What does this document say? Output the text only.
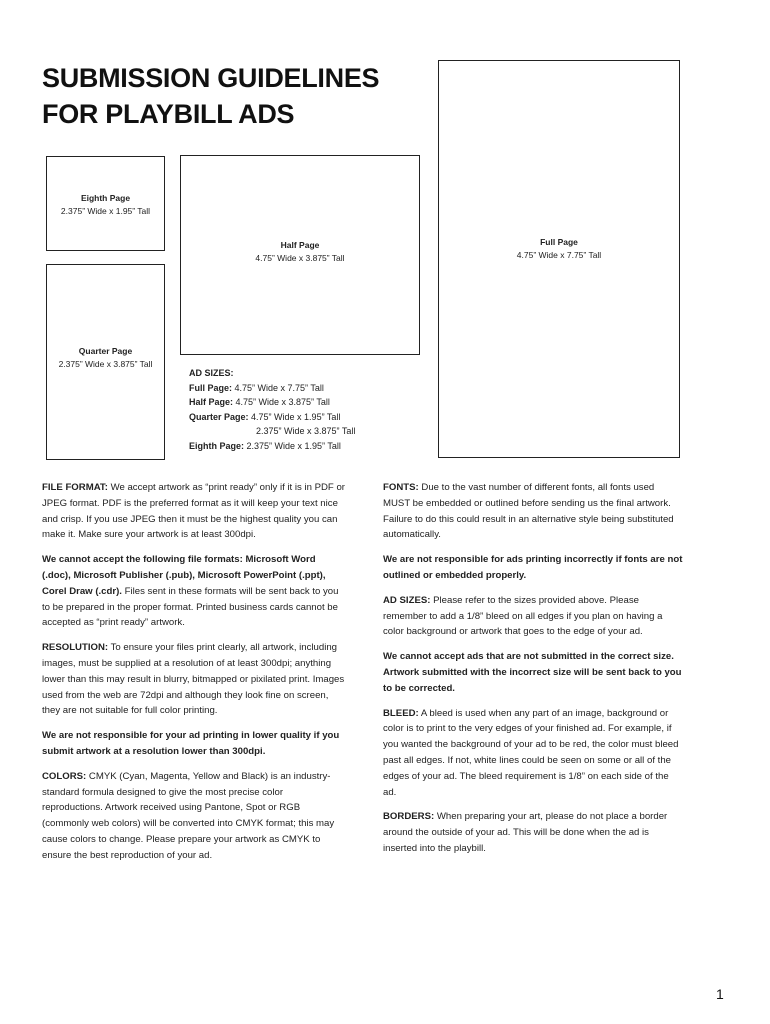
SUBMISSION GUIDELINES
FOR PLAYBILL ADS
Eighth Page
2.375” Wide x 1.95” Tall
Half Page
4.75” Wide x 3.875” Tall
Full Page
4.75” Wide x 7.75” Tall
Quarter Page
2.375” Wide x 3.875” Tall
AD SIZES:
Full Page: 4.75” Wide x 7.75” Tall
Half Page: 4.75” Wide x 3.875” Tall
Quarter Page: 4.75” Wide x 1.95” Tall
2.375” Wide x 3.875” Tall
Eighth Page: 2.375” Wide x 1.95” Tall

FILE FORMAT: We accept artwork as “print ready” only if it is in PDF or JPEG format. PDF is the preferred format as it will keep your text nice and crisp. If you use JPEG then it must be the highest quality you can make it. Make sure your artwork is at least 300dpi.

We cannot accept the following file formats: Microsoft Word (.doc), Microsoft Publisher (.pub), Microsoft PowerPoint (.ppt), Corel Draw (.cdr). Files sent in these formats will be sent back to you to be prepared in the proper format. Printed business cards cannot be accepted as “print ready” artwork.

RESOLUTION: To ensure your files print clearly, all artwork, including images, must be supplied at a resolution of at least 300dpi; anything lower than this may result in blurry, bitmapped or pixilated print. Images used from the web are 72dpi and although they look fine on screen, they are not suitable for full color printing.

We are not responsible for your ad printing in lower quality if you submit artwork at a resolution lower than 300dpi.

COLORS: CMYK (Cyan, Magenta, Yellow and Black) is an industry-standard formula designed to give the most precise color reproductions. Artwork received using Pantone, Spot or RGB (commonly web colors) will be converted into CMYK format; this may cause colors to change. Please prepare your artwork as CMYK to ensure the best reproduction of your ad.

FONTS: Due to the vast number of different fonts, all fonts used MUST be embedded or outlined before sending us the final artwork. Failure to do this could result in an alternative style being substituted automatically.

We are not responsible for ads printing incorrectly if fonts are not outlined or embedded properly.

AD SIZES: Please refer to the sizes provided above. Please remember to add a 1/8” bleed on all edges if you plan on having a color background or artwork that goes to the edge of your ad.

We cannot accept ads that are not submitted in the correct size. Artwork submitted with the incorrect size will be sent back to you to be corrected.

BLEED: A bleed is used when any part of an image, background or color is to print to the very edges of your finished ad. For example, if you wanted the background of your ad to be red, the color must bleed past all edges. If not, white lines could be seen on some or all of the edges of your ad. The bleed requirement is 1/8” on each side of the ad.

BORDERS: When preparing your art, please do not place a border around the outside of your ad. This will be done when the ad is inserted into the playbill.

1
